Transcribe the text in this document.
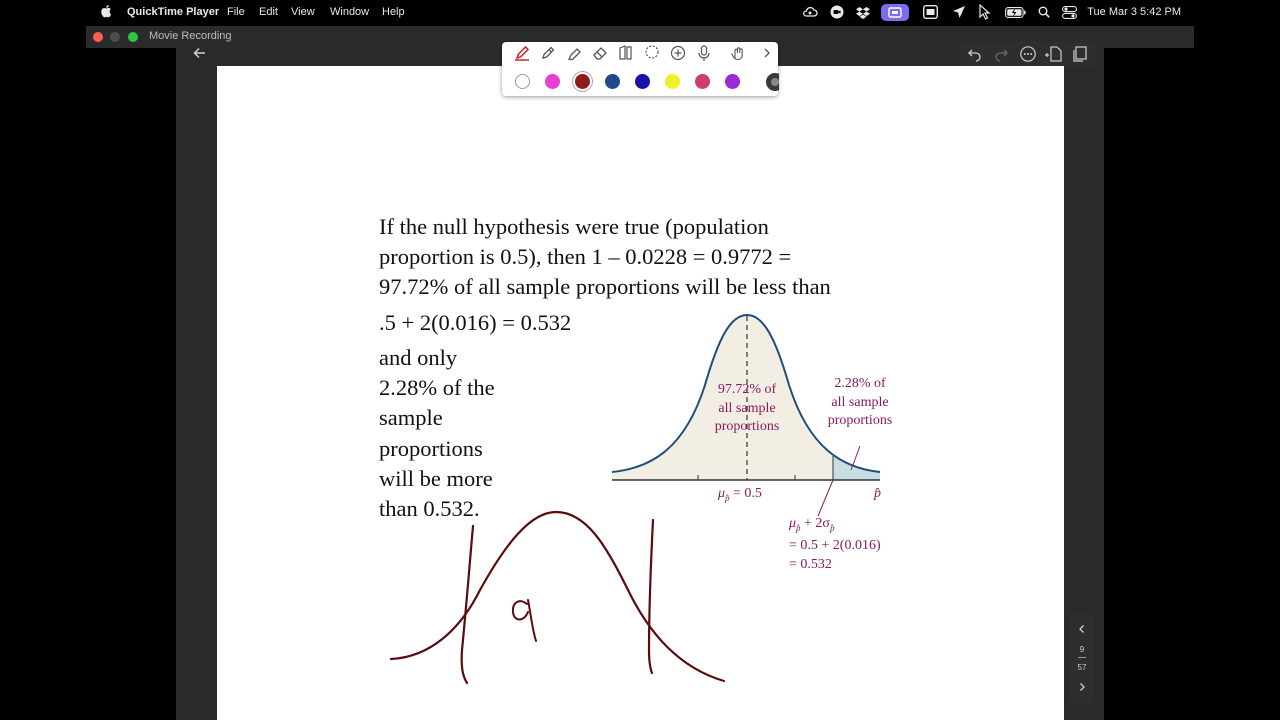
QuickTime Player File Edit View Window Help	Tue Mar 3 5:42 PM
Movie Recording
If the null hypothesis were true (population
proportion is 0.5), then 1 – 0.0228 = 0.9772 =
97.72% of all sample proportions will be less than
.5 + 2(0.016) = 0.532
and only
2.28% of the
sample
proportions
will be more
than 0.532.
97.72% of
all sample
proportions
2.28% of
all sample
proportions
$\mu_{p̂} = 0.5$	p̂
$\mu_{p̂} + 2\sigma_{p̂}$
= 0.5 + 2(0.016)
= 0.532
9
57
